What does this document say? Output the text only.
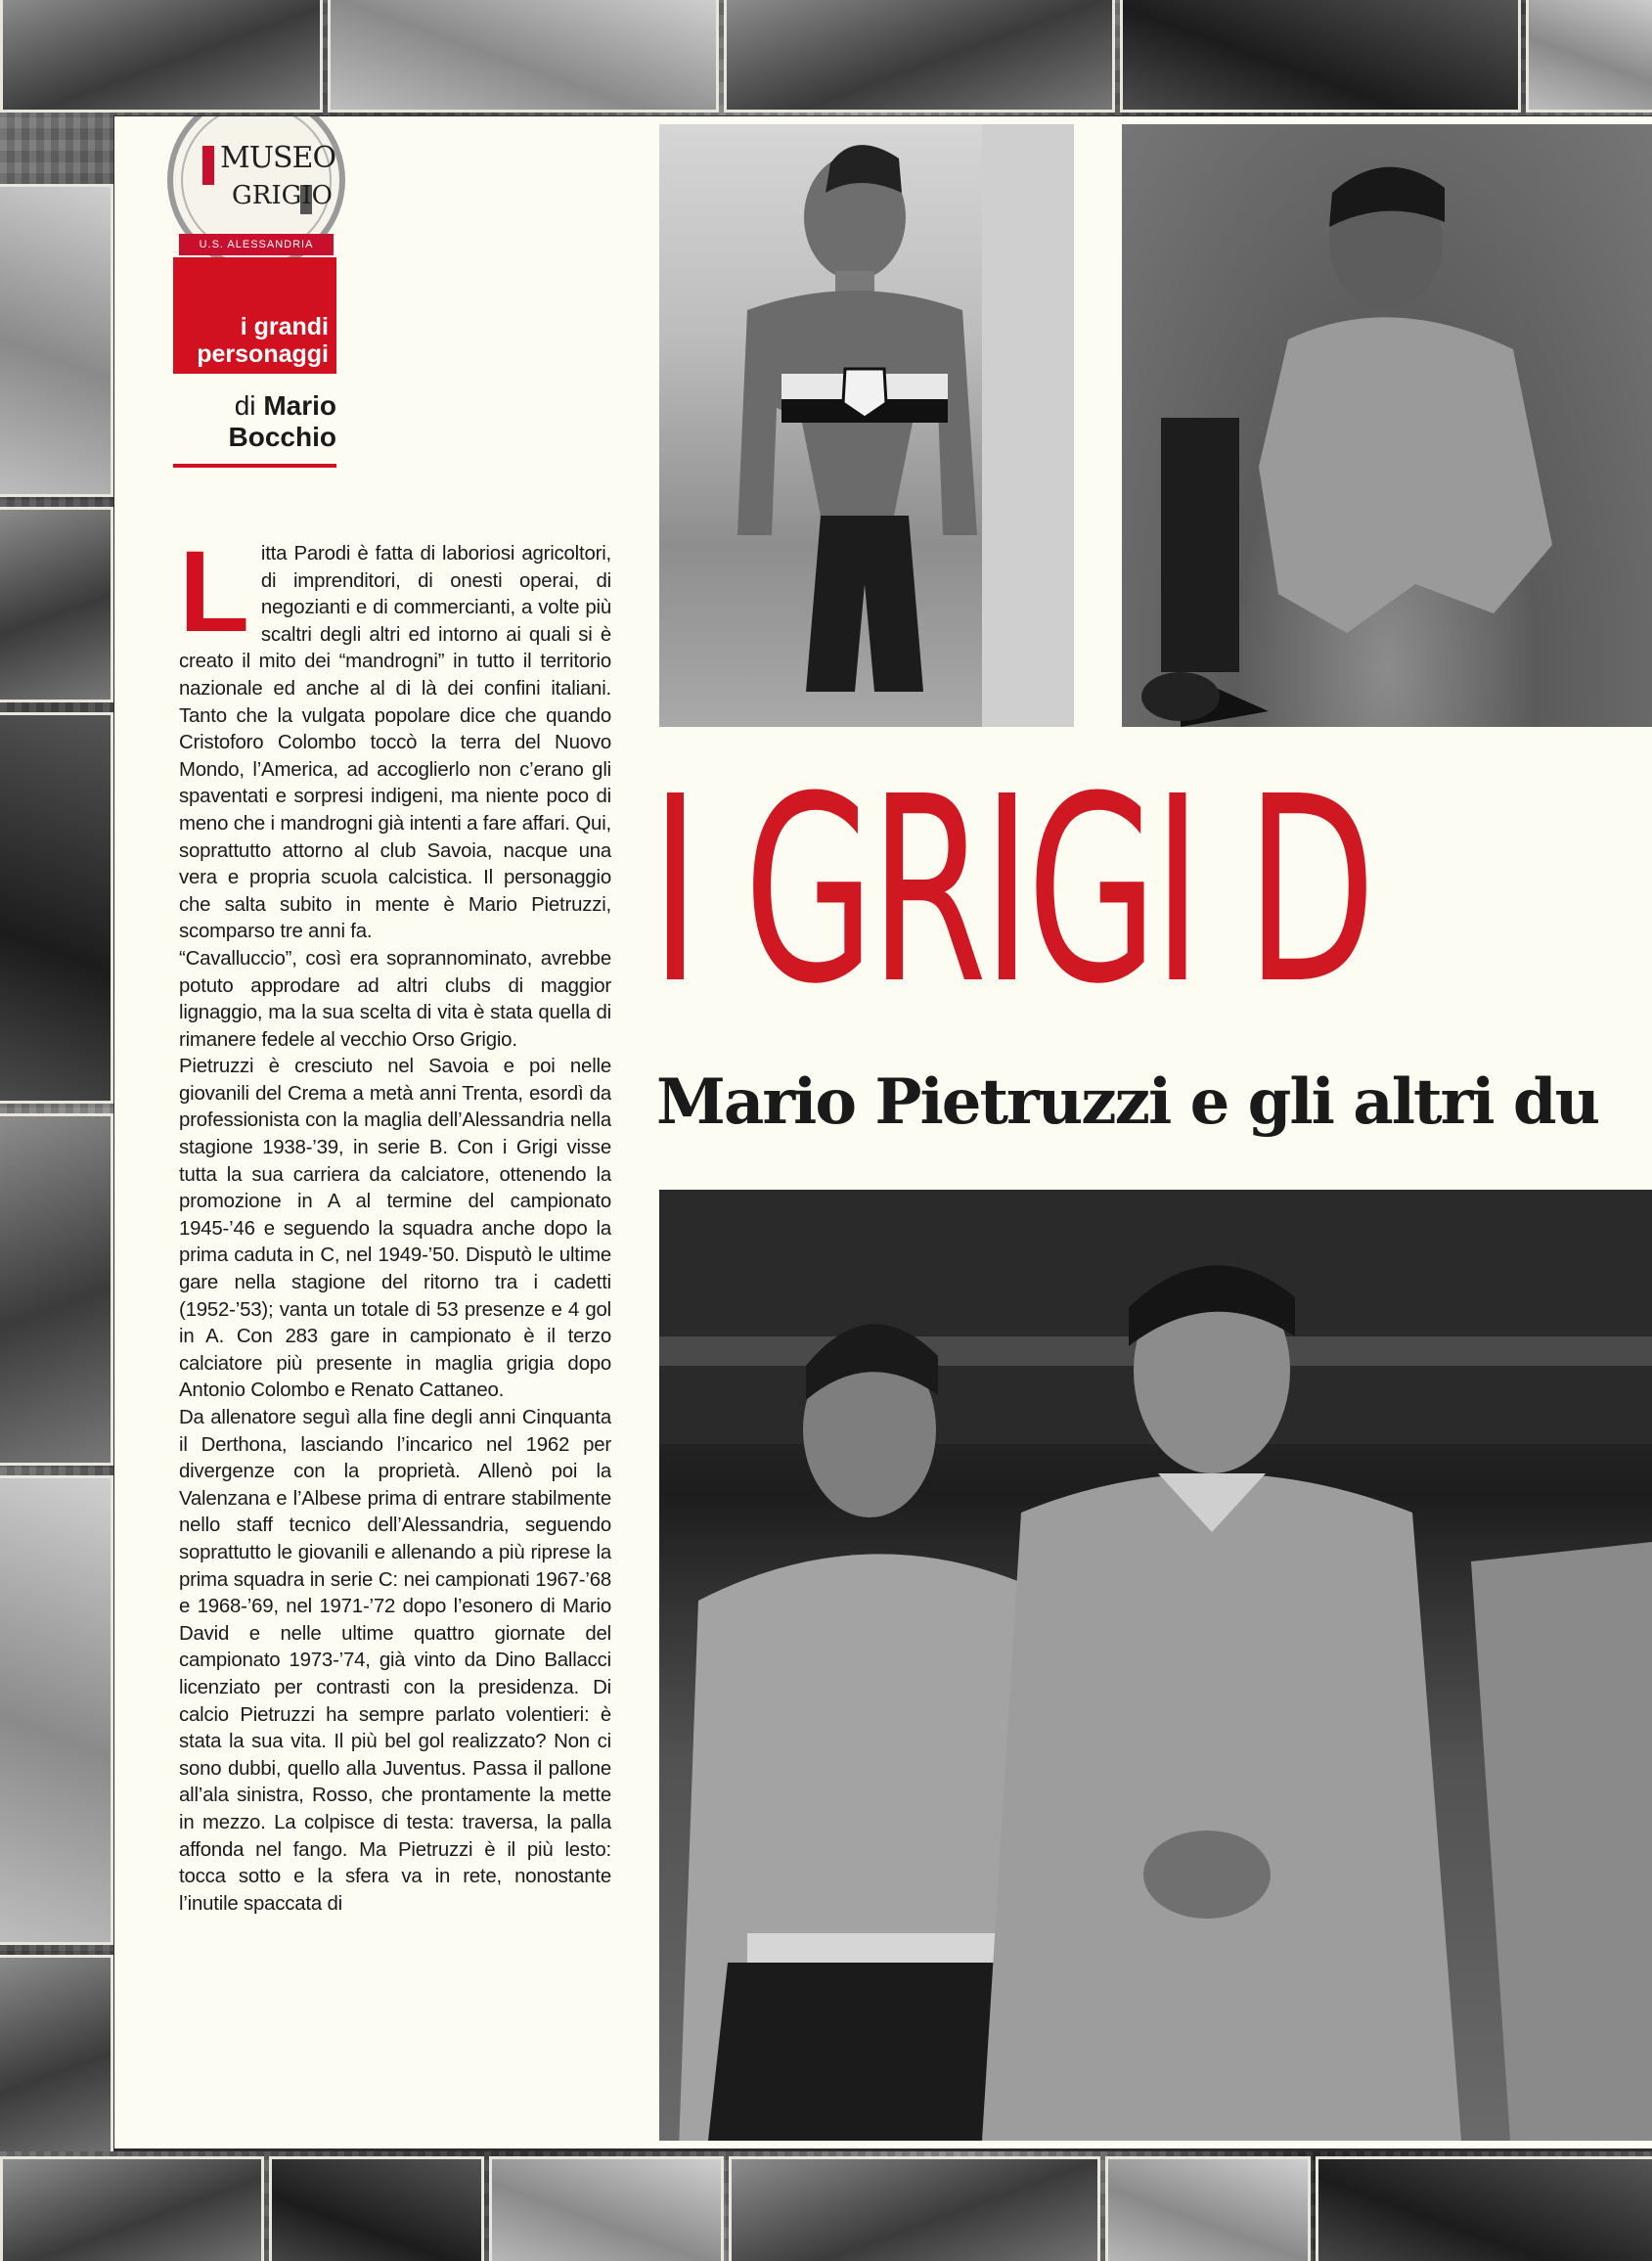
MUSEO
GRIGIO
U.S. ALESSANDRIA
i grandi
personaggi
di Mario
Bocchio
L itta Parodi è fatta di laboriosi agricoltori, di imprenditori, di onesti operai, di negozianti e di commercianti, a volte più scaltri degli altri ed intorno ai quali si è creato il mito dei “mandrogni” in tutto il territorio nazionale ed anche al di là dei confini italiani. Tanto che la vulgata popolare dice che quando Cristoforo Colombo toccò la terra del Nuovo Mondo, l’America, ad accoglierlo non c’erano gli spaventati e sorpresi indigeni, ma niente poco di meno che i mandrogni già intenti a fare affari. Qui, soprattutto attorno al club Savoia, nacque una vera e propria scuola calcistica. Il personaggio che salta subito in mente è Mario Pietruzzi, scomparso tre anni fa.

“Cavalluccio”, così era soprannominato, avrebbe potuto approdare ad altri clubs di maggior lignaggio, ma la sua scelta di vita è stata quella di rimanere fedele al vecchio Orso Grigio.

Pietruzzi è cresciuto nel Savoia e poi nelle giovanili del Crema a metà anni Trenta, esordì da professionista con la maglia dell’Alessandria nella stagione 1938-’39, in serie B. Con i Grigi visse tutta la sua carriera da calciatore, ottenendo la promozione in A al termine del campionato 1945-’46 e seguendo la squadra anche dopo la prima caduta in C, nel 1949-’50. Disputò le ultime gare nella stagione del ritorno tra i cadetti (1952-’53); vanta un totale di 53 presenze e 4 gol in A. Con 283 gare in campionato è il terzo calciatore più presente in maglia grigia dopo Antonio Colombo e Renato Cattaneo.

Da allenatore seguì alla fine degli anni Cinquanta il Derthona, lasciando l’incarico nel 1962 per divergenze con la proprietà. Allenò poi la Valenzana e l’Albese prima di entrare stabilmente nello staff tecnico dell’Alessandria, seguendo soprattutto le giovanili e allenando a più riprese la prima squadra in serie C: nei campionati 1967-’68 e 1968-’69, nel 1971-’72 dopo l’esonero di Mario David e nelle ultime quattro giornate del campionato 1973-’74, già vinto da Dino Ballacci licenziato per contrasti con la presidenza. Di calcio Pietruzzi ha sempre parlato volentieri: è stata la sua vita. Il più bel gol realizzato? Non ci sono dubbi, quello alla Juventus. Passa il pallone all’ala sinistra, Rosso, che prontamente la mette in mezzo. La colpisce di testa: traversa, la palla affonda nel fango. Ma Pietruzzi è il più lesto: tocca sotto e la sfera va in rete, nonostante l’inutile spaccata di

I GRIGI D
Mario Pietruzzi e gli altri du
